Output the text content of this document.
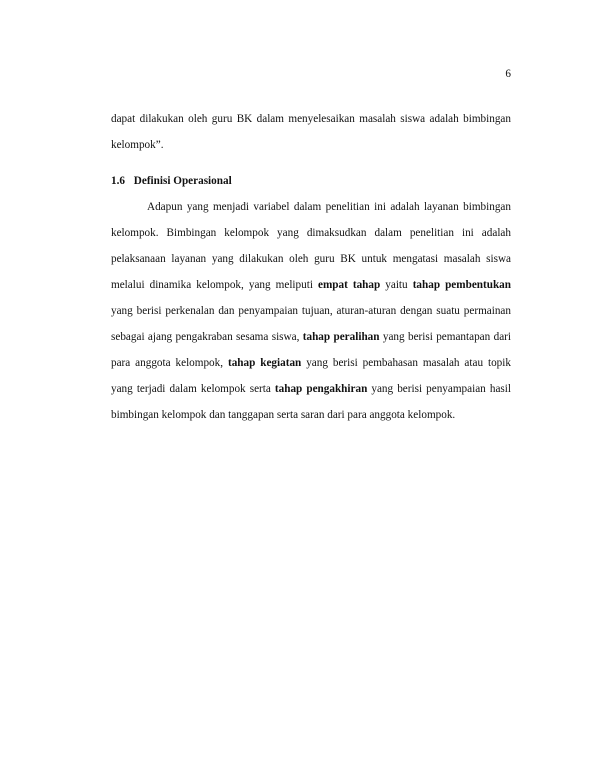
6

dapat dilakukan oleh guru BK dalam menyelesaikan masalah siswa adalah bimbingan kelompok”.

1.6 Definisi Operasional

Adapun yang menjadi variabel dalam penelitian ini adalah layanan bimbingan kelompok. Bimbingan kelompok yang dimaksudkan dalam penelitian ini adalah pelaksanaan layanan yang dilakukan oleh guru BK untuk mengatasi masalah siswa melalui dinamika kelompok, yang meliputi empat tahap yaitu tahap pembentukan yang berisi perkenalan dan penyampaian tujuan, aturan-aturan dengan suatu permainan sebagai ajang pengakraban sesama siswa, tahap peralihan yang berisi pemantapan dari para anggota kelompok, tahap kegiatan yang berisi pembahasan masalah atau topik yang terjadi dalam kelompok serta tahap pengakhiran yang berisi penyampaian hasil bimbingan kelompok dan tanggapan serta saran dari para anggota kelompok.
